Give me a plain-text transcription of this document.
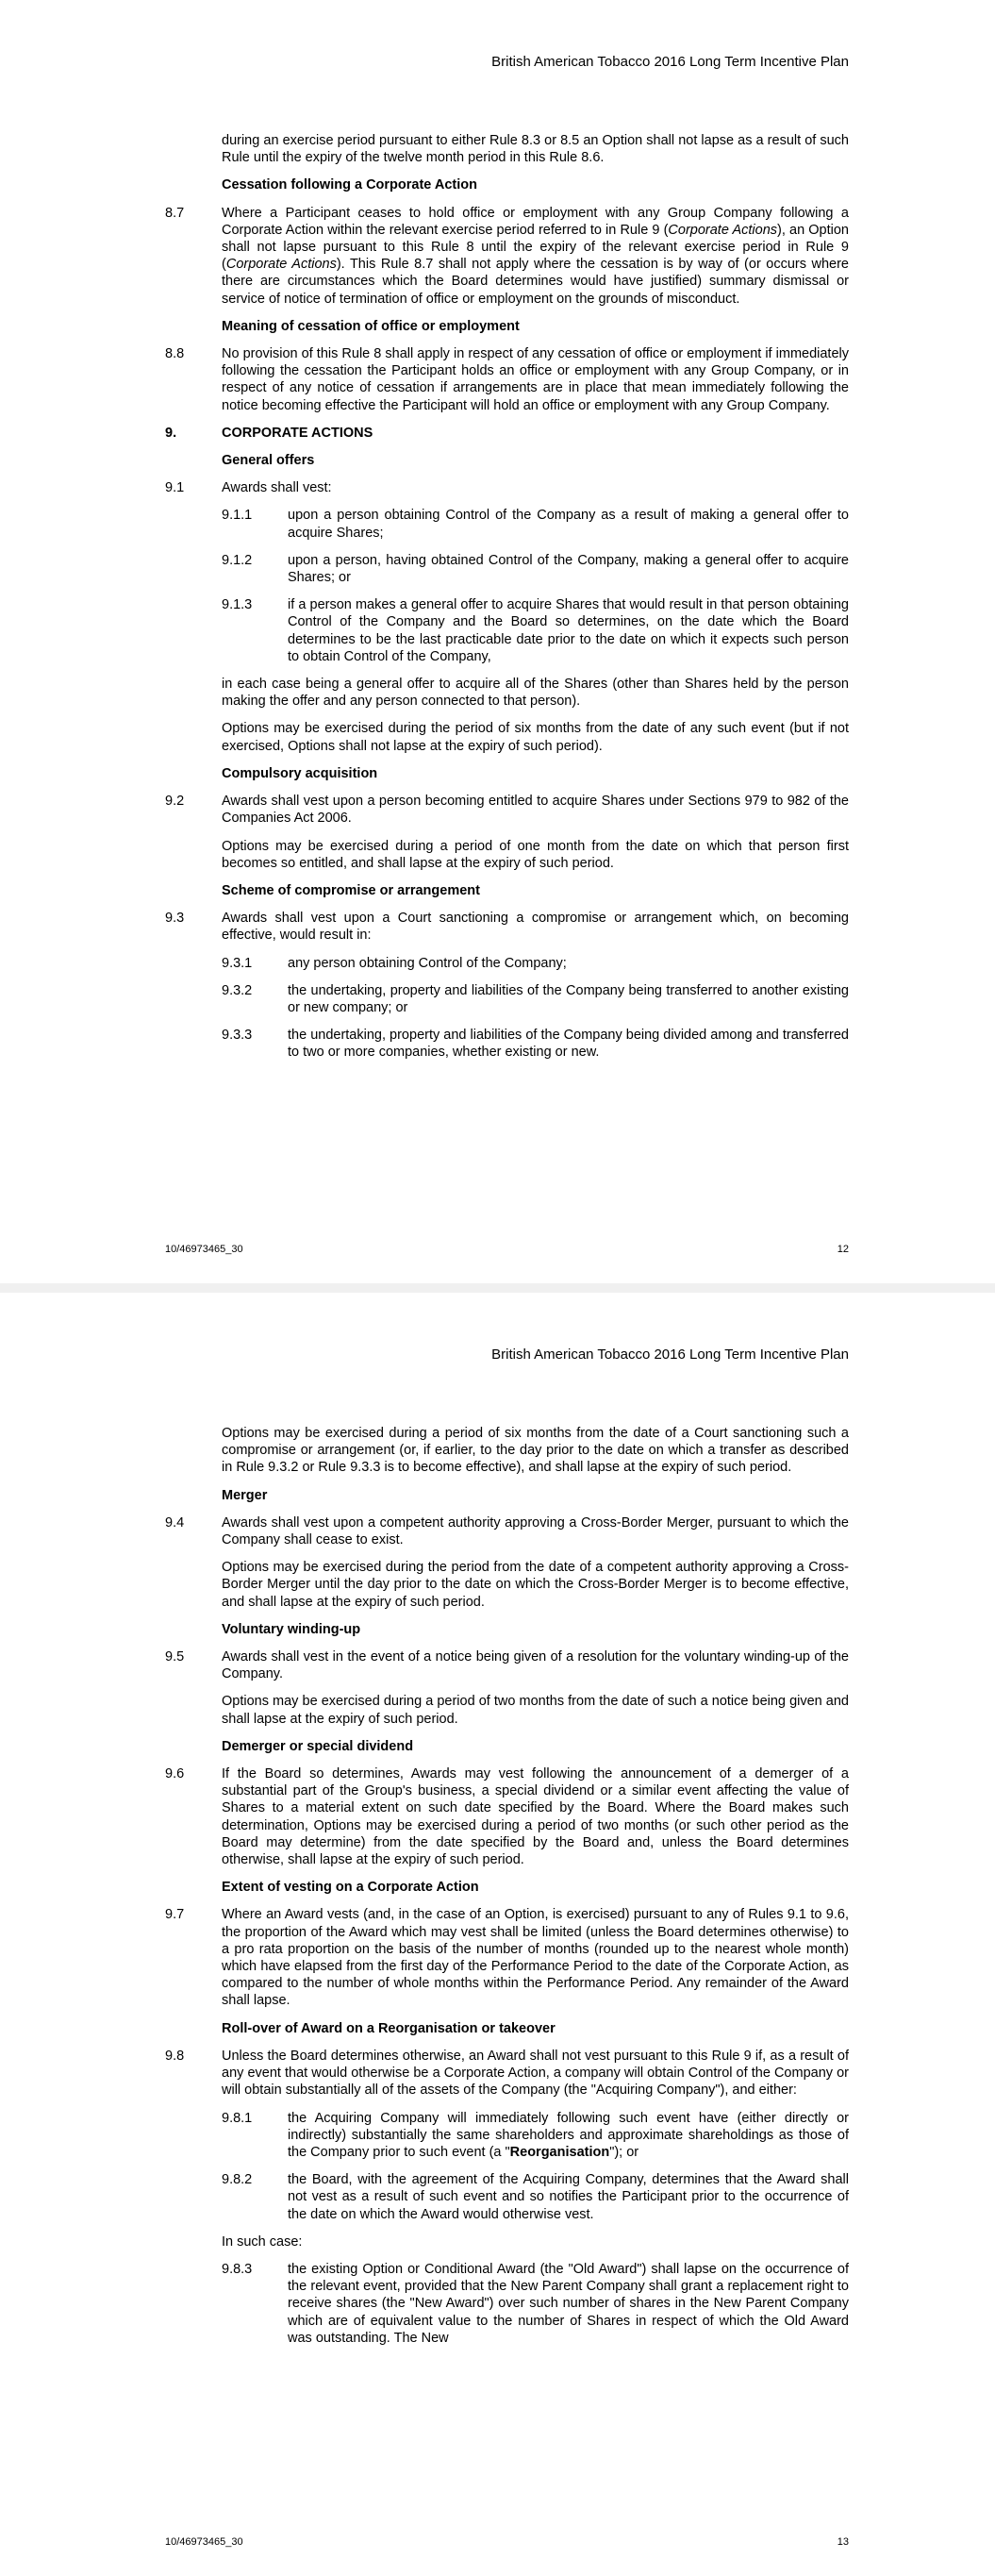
British American Tobacco 2016 Long Term Incentive Plan

during an exercise period pursuant to either Rule 8.3 or 8.5 an Option shall not lapse as a result of such Rule until the expiry of the twelve month period in this Rule 8.6.

Cessation following a Corporate Action

8.7	Where a Participant ceases to hold office or employment with any Group Company following a Corporate Action within the relevant exercise period referred to in Rule 9 (Corporate Actions), an Option shall not lapse pursuant to this Rule 8 until the expiry of the relevant exercise period in Rule 9 (Corporate Actions). This Rule 8.7 shall not apply where the cessation is by way of (or occurs where there are circumstances which the Board determines would have justified) summary dismissal or service of notice of termination of office or employment on the grounds of misconduct.

Meaning of cessation of office or employment

8.8	No provision of this Rule 8 shall apply in respect of any cessation of office or employment if immediately following the cessation the Participant holds an office or employment with any Group Company, or in respect of any notice of cessation if arrangements are in place that mean immediately following the notice becoming effective the Participant will hold an office or employment with any Group Company.
9.	CORPORATE ACTIONS

General offers

9.1	Awards shall vest:
9.1.1	upon a person obtaining Control of the Company as a result of making a general offer to acquire Shares;
9.1.2	upon a person, having obtained Control of the Company, making a general offer to acquire Shares; or
9.1.3	if a person makes a general offer to acquire Shares that would result in that person obtaining Control of the Company and the Board so determines, on the date which the Board determines to be the last practicable date prior to the date on which it expects such person to obtain Control of the Company,

in each case being a general offer to acquire all of the Shares (other than Shares held by the person making the offer and any person connected to that person).

Options may be exercised during the period of six months from the date of any such event (but if not exercised, Options shall not lapse at the expiry of such period).

Compulsory acquisition

9.2	Awards shall vest upon a person becoming entitled to acquire Shares under Sections 979 to 982 of the Companies Act 2006.

Options may be exercised during a period of one month from the date on which that person first becomes so entitled, and shall lapse at the expiry of such period.

Scheme of compromise or arrangement

9.3	Awards shall vest upon a Court sanctioning a compromise or arrangement which, on becoming effective, would result in:
9.3.1	any person obtaining Control of the Company;
9.3.2	the undertaking, property and liabilities of the Company being transferred to another existing or new company; or
9.3.3	the undertaking, property and liabilities of the Company being divided among and transferred to two or more companies, whether existing or new.
10/46973465_30	12
British American Tobacco 2016 Long Term Incentive Plan

Options may be exercised during a period of six months from the date of a Court sanctioning such a compromise or arrangement (or, if earlier, to the day prior to the date on which a transfer as described in Rule 9.3.2 or Rule 9.3.3 is to become effective), and shall lapse at the expiry of such period.

Merger

9.4	Awards shall vest upon a competent authority approving a Cross-Border Merger, pursuant to which the Company shall cease to exist.

Options may be exercised during the period from the date of a competent authority approving a Cross-Border Merger until the day prior to the date on which the Cross-Border Merger is to become effective, and shall lapse at the expiry of such period.

Voluntary winding-up

9.5	Awards shall vest in the event of a notice being given of a resolution for the voluntary winding-up of the Company.

Options may be exercised during a period of two months from the date of such a notice being given and shall lapse at the expiry of such period.

Demerger or special dividend

9.6	If the Board so determines, Awards may vest following the announcement of a demerger of a substantial part of the Group's business, a special dividend or a similar event affecting the value of Shares to a material extent on such date specified by the Board. Where the Board makes such determination, Options may be exercised during a period of two months (or such other period as the Board may determine) from the date specified by the Board and, unless the Board determines otherwise, shall lapse at the expiry of such period.

Extent of vesting on a Corporate Action

9.7	Where an Award vests (and, in the case of an Option, is exercised) pursuant to any of Rules 9.1 to 9.6, the proportion of the Award which may vest shall be limited (unless the Board determines otherwise) to a pro rata proportion on the basis of the number of months (rounded up to the nearest whole month) which have elapsed from the first day of the Performance Period to the date of the Corporate Action, as compared to the number of whole months within the Performance Period. Any remainder of the Award shall lapse.

Roll-over of Award on a Reorganisation or takeover

9.8	Unless the Board determines otherwise, an Award shall not vest pursuant to this Rule 9 if, as a result of any event that would otherwise be a Corporate Action, a company will obtain Control of the Company or will obtain substantially all of the assets of the Company (the "Acquiring Company"), and either:
9.8.1	the Acquiring Company will immediately following such event have (either directly or indirectly) substantially the same shareholders and approximate shareholdings as those of the Company prior to such event (a "Reorganisation"); or
9.8.2	the Board, with the agreement of the Acquiring Company, determines that the Award shall not vest as a result of such event and so notifies the Participant prior to the occurrence of the date on which the Award would otherwise vest.

In such case:

9.8.3	the existing Option or Conditional Award (the "Old Award") shall lapse on the occurrence of the relevant event, provided that the New Parent Company shall grant a replacement right to receive shares (the "New Award") over such number of shares in the New Parent Company which are of equivalent value to the number of Shares in respect of which the Old Award was outstanding. The New
10/46973465_30	13
